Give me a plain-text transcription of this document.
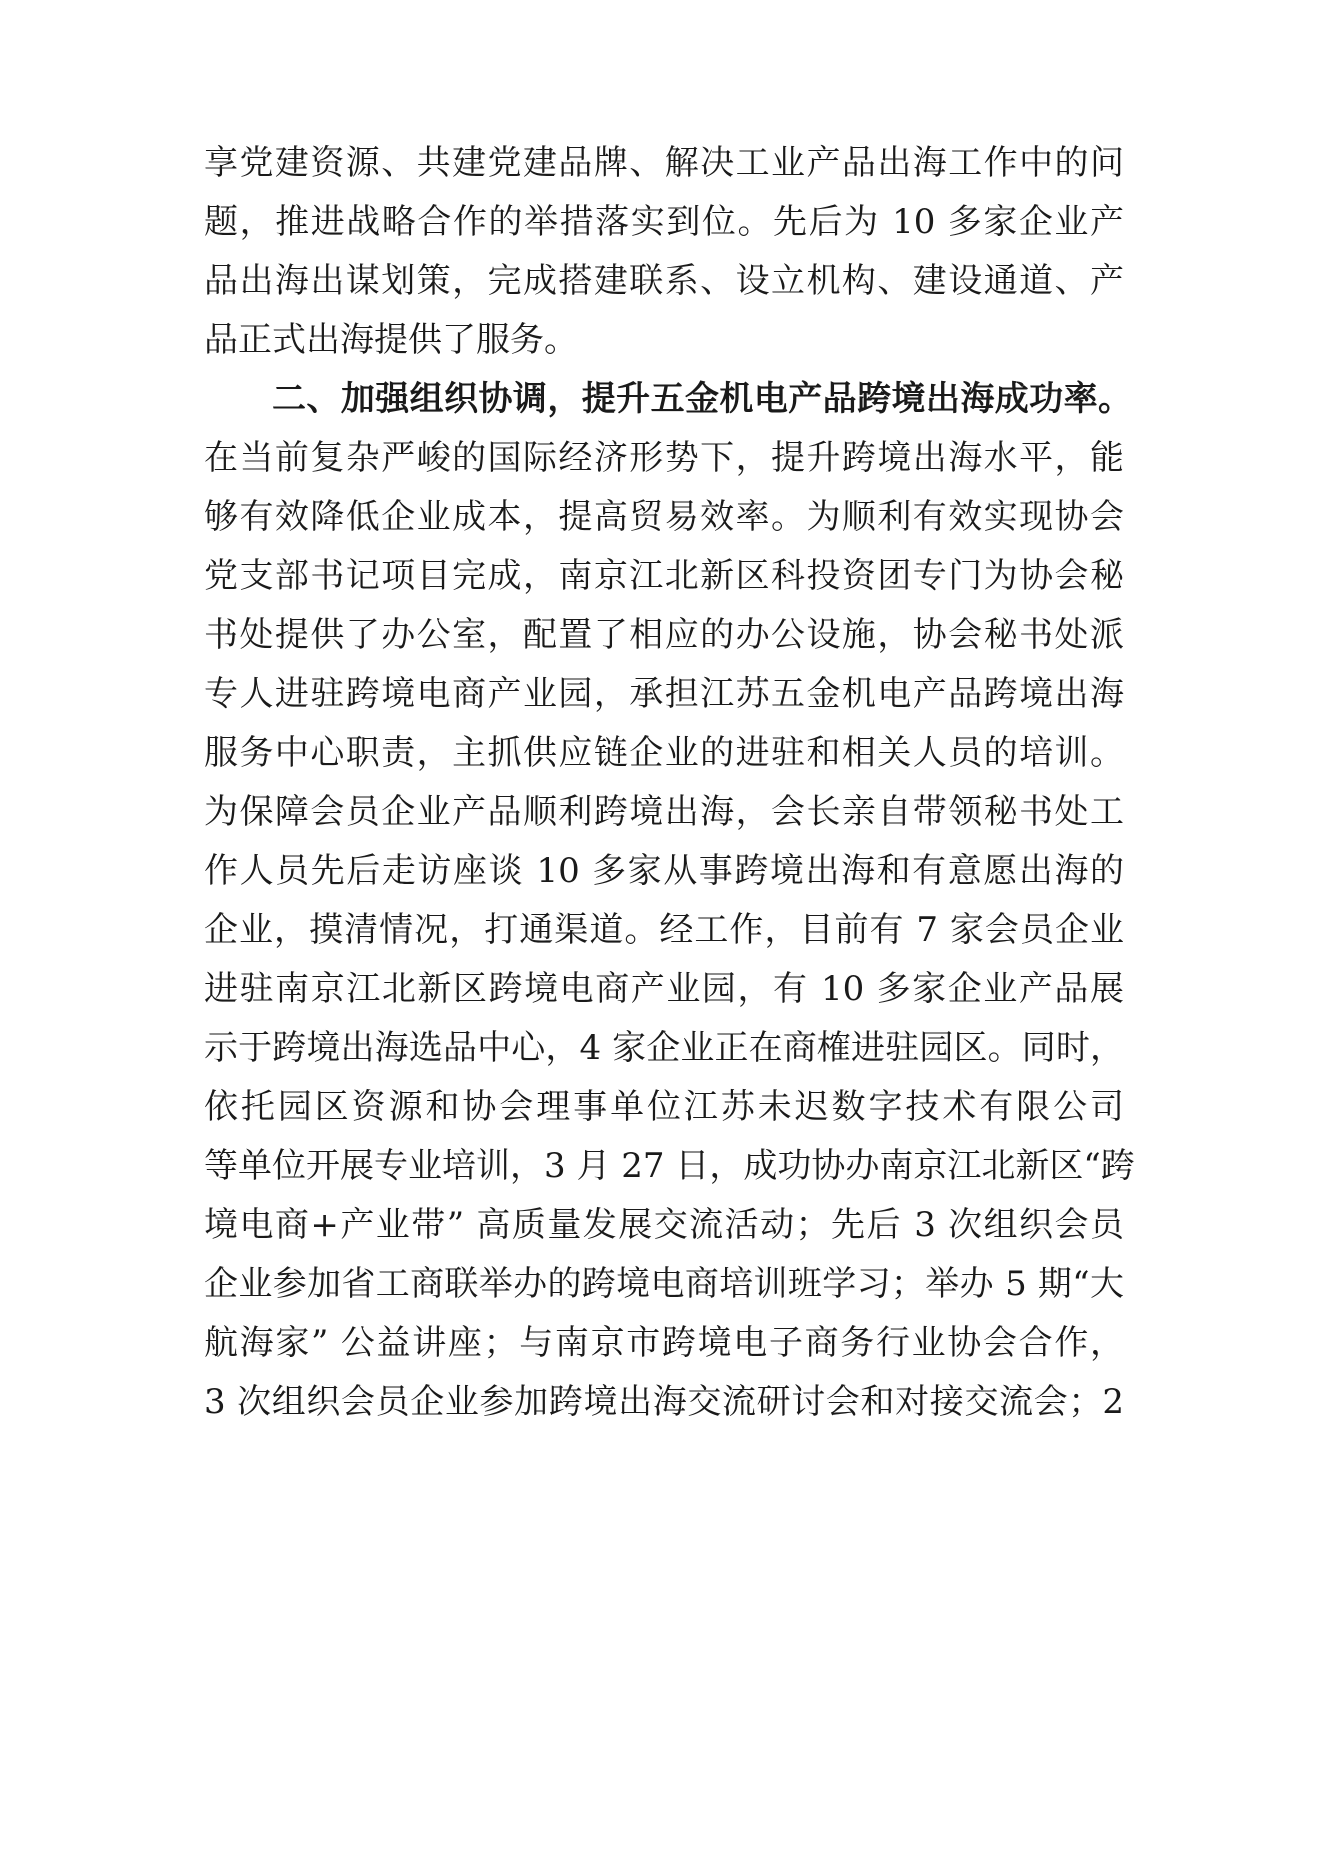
享党建资源、共建党建品牌、解决工业产品出海工作中的问
题，推进战略合作的举措落实到位。先后为 10 多家企业产
品出海出谋划策，完成搭建联系、设立机构、建设通道、产
品正式出海提供了服务。
二、加强组织协调，提升五金机电产品跨境出海成功率。
在当前复杂严峻的国际经济形势下，提升跨境出海水平，能
够有效降低企业成本，提高贸易效率。为顺利有效实现协会
党支部书记项目完成，南京江北新区科投资团专门为协会秘
书处提供了办公室，配置了相应的办公设施，协会秘书处派
专人进驻跨境电商产业园，承担江苏五金机电产品跨境出海
服务中心职责，主抓供应链企业的进驻和相关人员的培训。
为保障会员企业产品顺利跨境出海，会长亲自带领秘书处工
作人员先后走访座谈 10 多家从事跨境出海和有意愿出海的
企业，摸清情况，打通渠道。经工作，目前有 7 家会员企业
进驻南京江北新区跨境电商产业园，有 10 多家企业产品展
示于跨境出海选品中心，4 家企业正在商榷进驻园区。同时，
依托园区资源和协会理事单位江苏未迟数字技术有限公司
等单位开展专业培训，3 月 27 日，成功协办南京江北新区“跨
境电商+产业带” 高质量发展交流活动；先后 3 次组织会员
企业参加省工商联举办的跨境电商培训班学习；举办 5 期“大
航海家” 公益讲座；与南京市跨境电子商务行业协会合作，
3 次组织会员企业参加跨境出海交流研讨会和对接交流会；2
